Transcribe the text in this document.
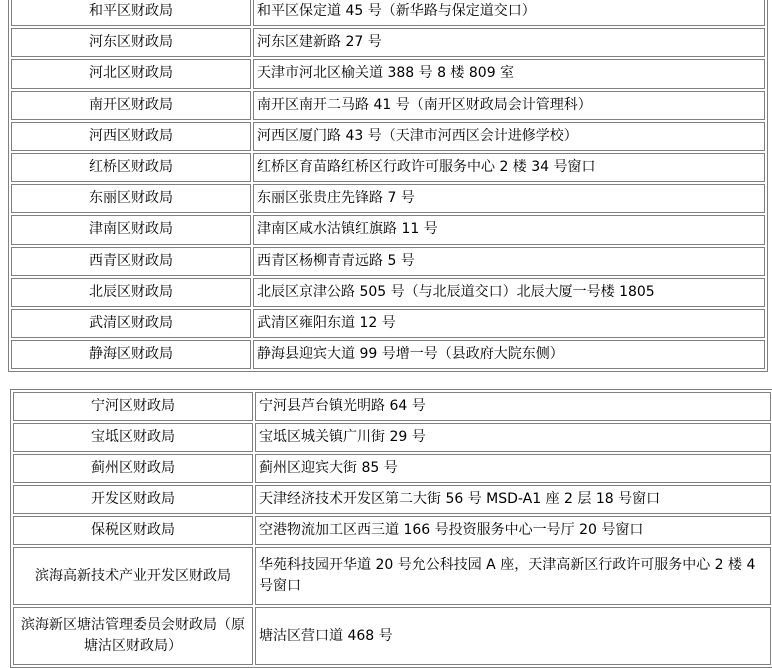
和平区财政局	和平区保定道 45 号（新华路与保定道交口）
河东区财政局	河东区建新路 27 号
河北区财政局	天津市河北区榆关道 388 号 8 楼 809 室
南开区财政局	南开区南开二马路 41 号（南开区财政局会计管理科）
河西区财政局	河西区厦门路 43 号（天津市河西区会计进修学校）
红桥区财政局	红桥区育苗路红桥区行政许可服务中心 2 楼 34 号窗口
东丽区财政局	东丽区张贵庄先锋路 7 号
津南区财政局	津南区咸水沽镇红旗路 11 号
西青区财政局	西青区杨柳青青远路 5 号
北辰区财政局	北辰区京津公路 505 号（与北辰道交口）北辰大厦一号楼 1805
武清区财政局	武清区雍阳东道 12 号
静海区财政局	静海县迎宾大道 99 号增一号（县政府大院东侧）
宁河区财政局	宁河县芦台镇光明路 64 号
宝坻区财政局	宝坻区城关镇广川街 29 号
蓟州区财政局	蓟州区迎宾大街 85 号
开发区财政局	天津经济技术开发区第二大街 56 号 MSD-A1 座 2 层 18 号窗口
保税区财政局	空港物流加工区西三道 166 号投资服务中心一号厅 20 号窗口
滨海高新技术产业开发区财政局	华苑科技园开华道 20 号允公科技园 A 座，天津高新区行政许可服务中心 2 楼 4 号窗口
滨海新区塘沽管理委员会财政局（原塘沽区财政局）	塘沽区营口道 468 号
